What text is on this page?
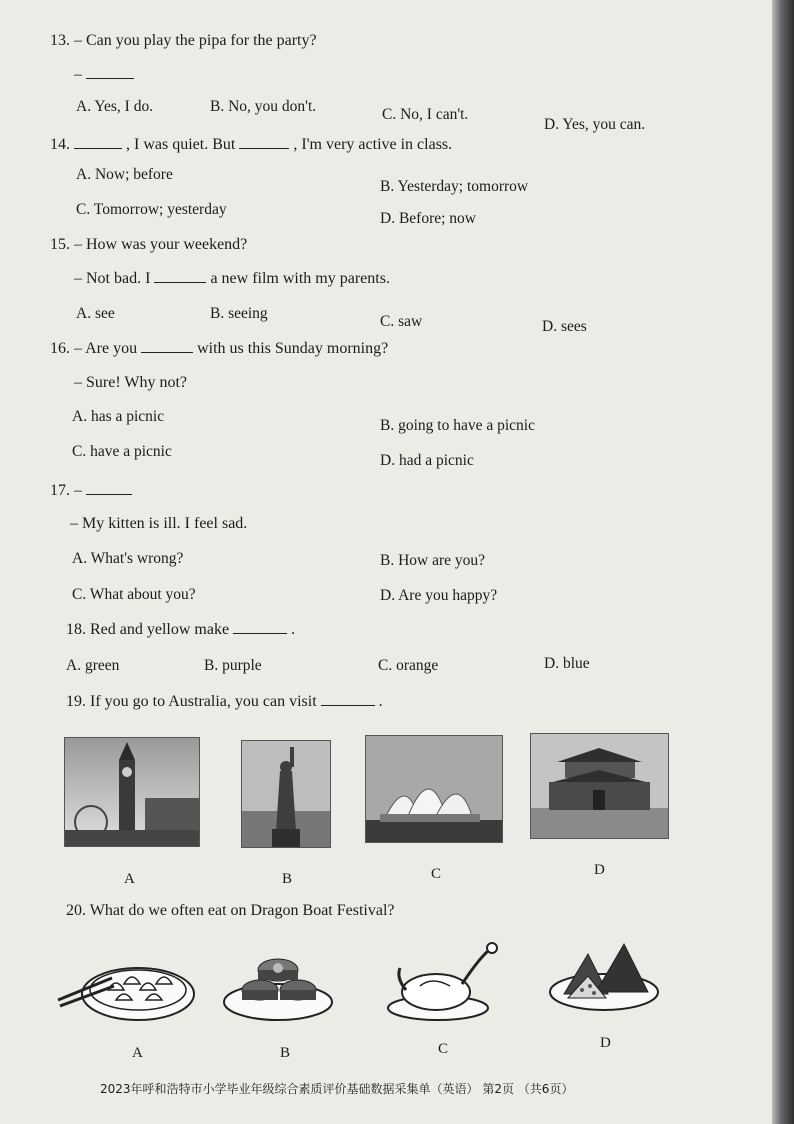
13. – Can you play the pipa for the party?
–
A. Yes, I do.	B. No, you don't.	C. No, I can't.
D. Yes, you can.
14.	, I was quiet. But	, I'm very active in class.
A. Now; before
B. Yesterday; tomorrow
C. Tomorrow; yesterday
D. Before; now
15. – How was your weekend?
– Not bad. I	a new film with my parents.
A. see	B. seeing	C. saw	D. sees
16. – Are you	with us this Sunday morning?
– Sure! Why not?
A. has a picnic
B. going to have a picnic
C. have a picnic
D. had a picnic
17. –
– My kitten is ill. I feel sad.
A. What's wrong?	B. How are you?
C. What about you?	D. Are you happy?
18. Red and yellow make	.
A. green	B. purple	C. orange	D. blue
19. If you go to Australia, you can visit	.
A	B	C	D
20. What do we often eat on Dragon Boat Festival?
A	B	C	D
2023年呼和浩特市小学毕业年级综合素质评价基础数据采集单（英语） 第2页 （共6页）
